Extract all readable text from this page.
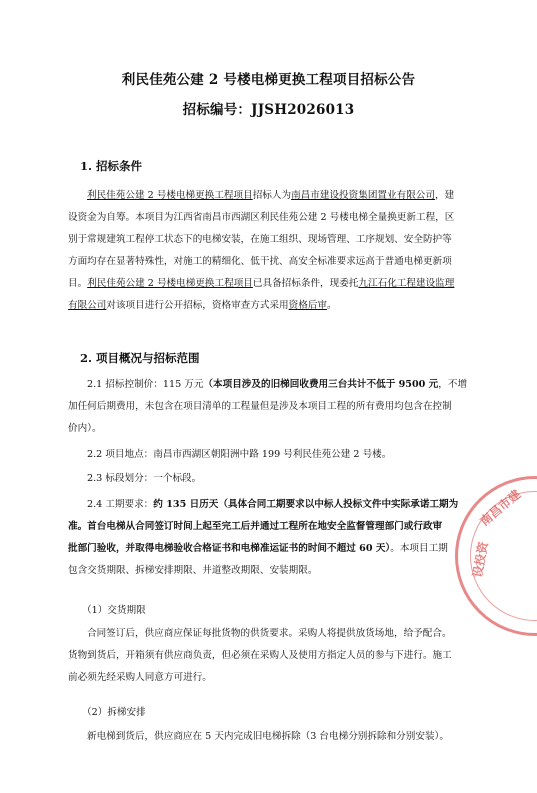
利民佳苑公建 2 号楼电梯更换工程项目招标公告
招标编号：JJSH2026013
1. 招标条件
利民佳苑公建 2 号楼电梯更换工程项目招标人为南昌市建设投资集团置业有限公司，建
设资金为自筹。本项目为江西省南昌市西湖区利民佳苑公建 2 号楼电梯全量换更新工程，区
别于常规建筑工程停工状态下的电梯安装，在施工组织、现场管理、工序规划、安全防护等
方面均存在显著特殊性，对施工的精细化、低干扰、高安全标准要求远高于普通电梯更新项
目。利民佳苑公建 2 号楼电梯更换工程项目已具备招标条件，现委托九江石化工程建设监理
有限公司对该项目进行公开招标，资格审查方式采用资格后审。
2. 项目概况与招标范围
2.1 招标控制价：115 万元（本项目涉及的旧梯回收费用三台共计不低于 9500 元，不增
加任何后期费用，未包含在项目清单的工程量但是涉及本项目工程的所有费用均包含在控制
价内）。
2.2 项目地点：南昌市西湖区朝阳洲中路 199 号利民佳苑公建 2 号楼。
2.3 标段划分：一个标段。
2.4 工期要求：约 135 日历天（具体合同工期要求以中标人投标文件中实际承诺工期为
准。首台电梯从合同签订时间上起至完工后并通过工程所在地安全监督管理部门或行政审
批部门验收，并取得电梯验收合格证书和电梯准运证书的时间不超过 60 天）。本项目工期
包含交货期限、拆梯安排期限、井道整改期限、安装期限。
（1）交货期限
合同签订后，供应商应保证每批货物的供货要求。采购人将提供放货场地，给予配合。
货物到货后，开箱须有供应商负责，但必须在采购人及使用方指定人员的参与下进行。施工
前必须先经采购人同意方可进行。
（2）拆梯安排
新电梯到货后，供应商应在 5 天内完成旧电梯拆除（3 台电梯分别拆除和分别安装）。
南昌市建
设投资
